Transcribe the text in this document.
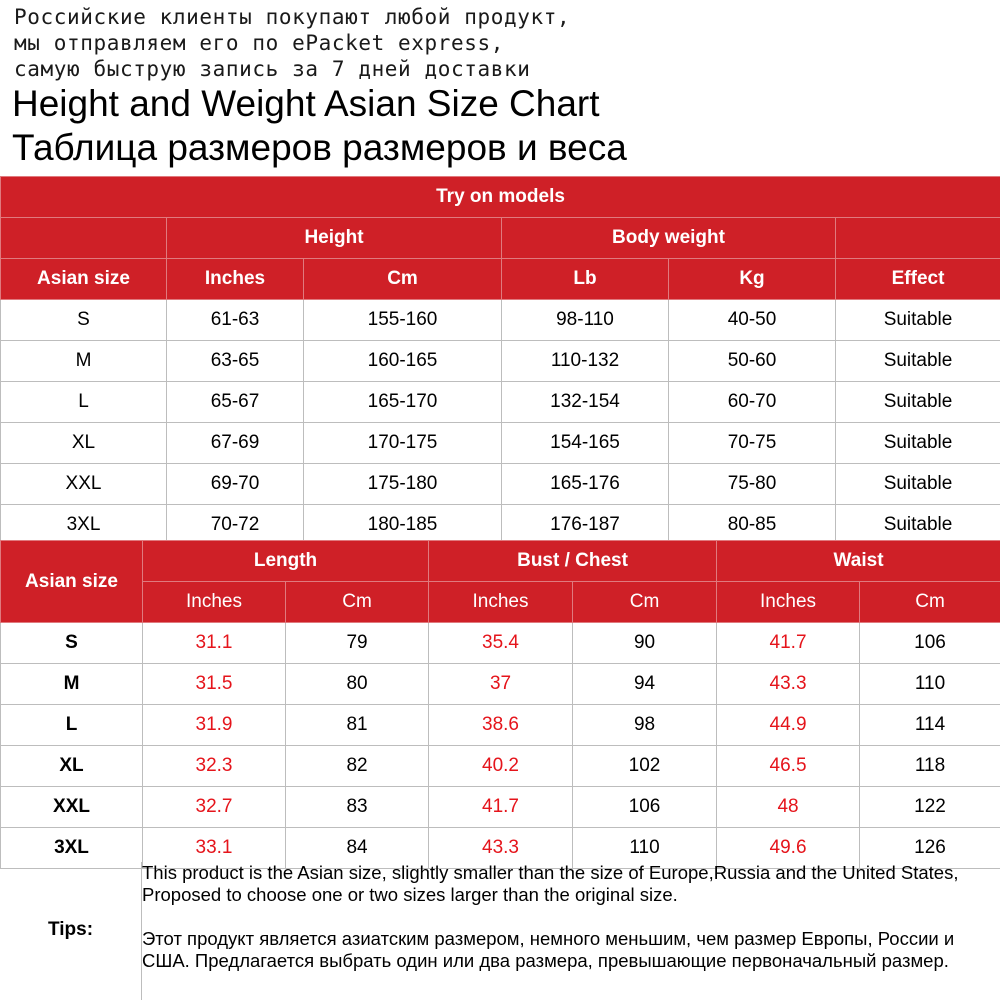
Российские клиенты покупают любой продукт,
мы отправляем его по ePacket express,
самую быструю запись за 7 дней доставки
Height and Weight Asian Size Chart
Таблица размеров размеров и веса
Try on models					
	Height		Body weight		
Asian size	Inches	Cm	Lb	Kg	Effect
S	61-63	155-160	98-110	40-50	Suitable
M	63-65	160-165	110-132	50-60	Suitable
L	65-67	165-170	132-154	60-70	Suitable
XL	67-69	170-175	154-165	70-75	Suitable
XXL	69-70	175-180	165-176	75-80	Suitable
3XL	70-72	180-185	176-187	80-85	Suitable
Asian size	Length		Bust / Chest		Waist	
	Inches	Cm	Inches	Cm	Inches	Cm
S	31.1	79	35.4	90	41.7	106
M	31.5	80	37	94	43.3	110
L	31.9	81	38.6	98	44.9	114
XL	32.3	82	40.2	102	46.5	118
XXL	32.7	83	41.7	106	48	122
3XL	33.1	84	43.3	110	49.6	126
Tips:
This product is the Asian size, slightly smaller than the size of Europe,Russia and the United States, Proposed to choose one or two sizes larger than the original size.
Этот продукт является азиатским размером, немного меньшим, чем размер Европы, России и США. Предлагается выбрать один или два размера, превышающие первоначальный размер.
